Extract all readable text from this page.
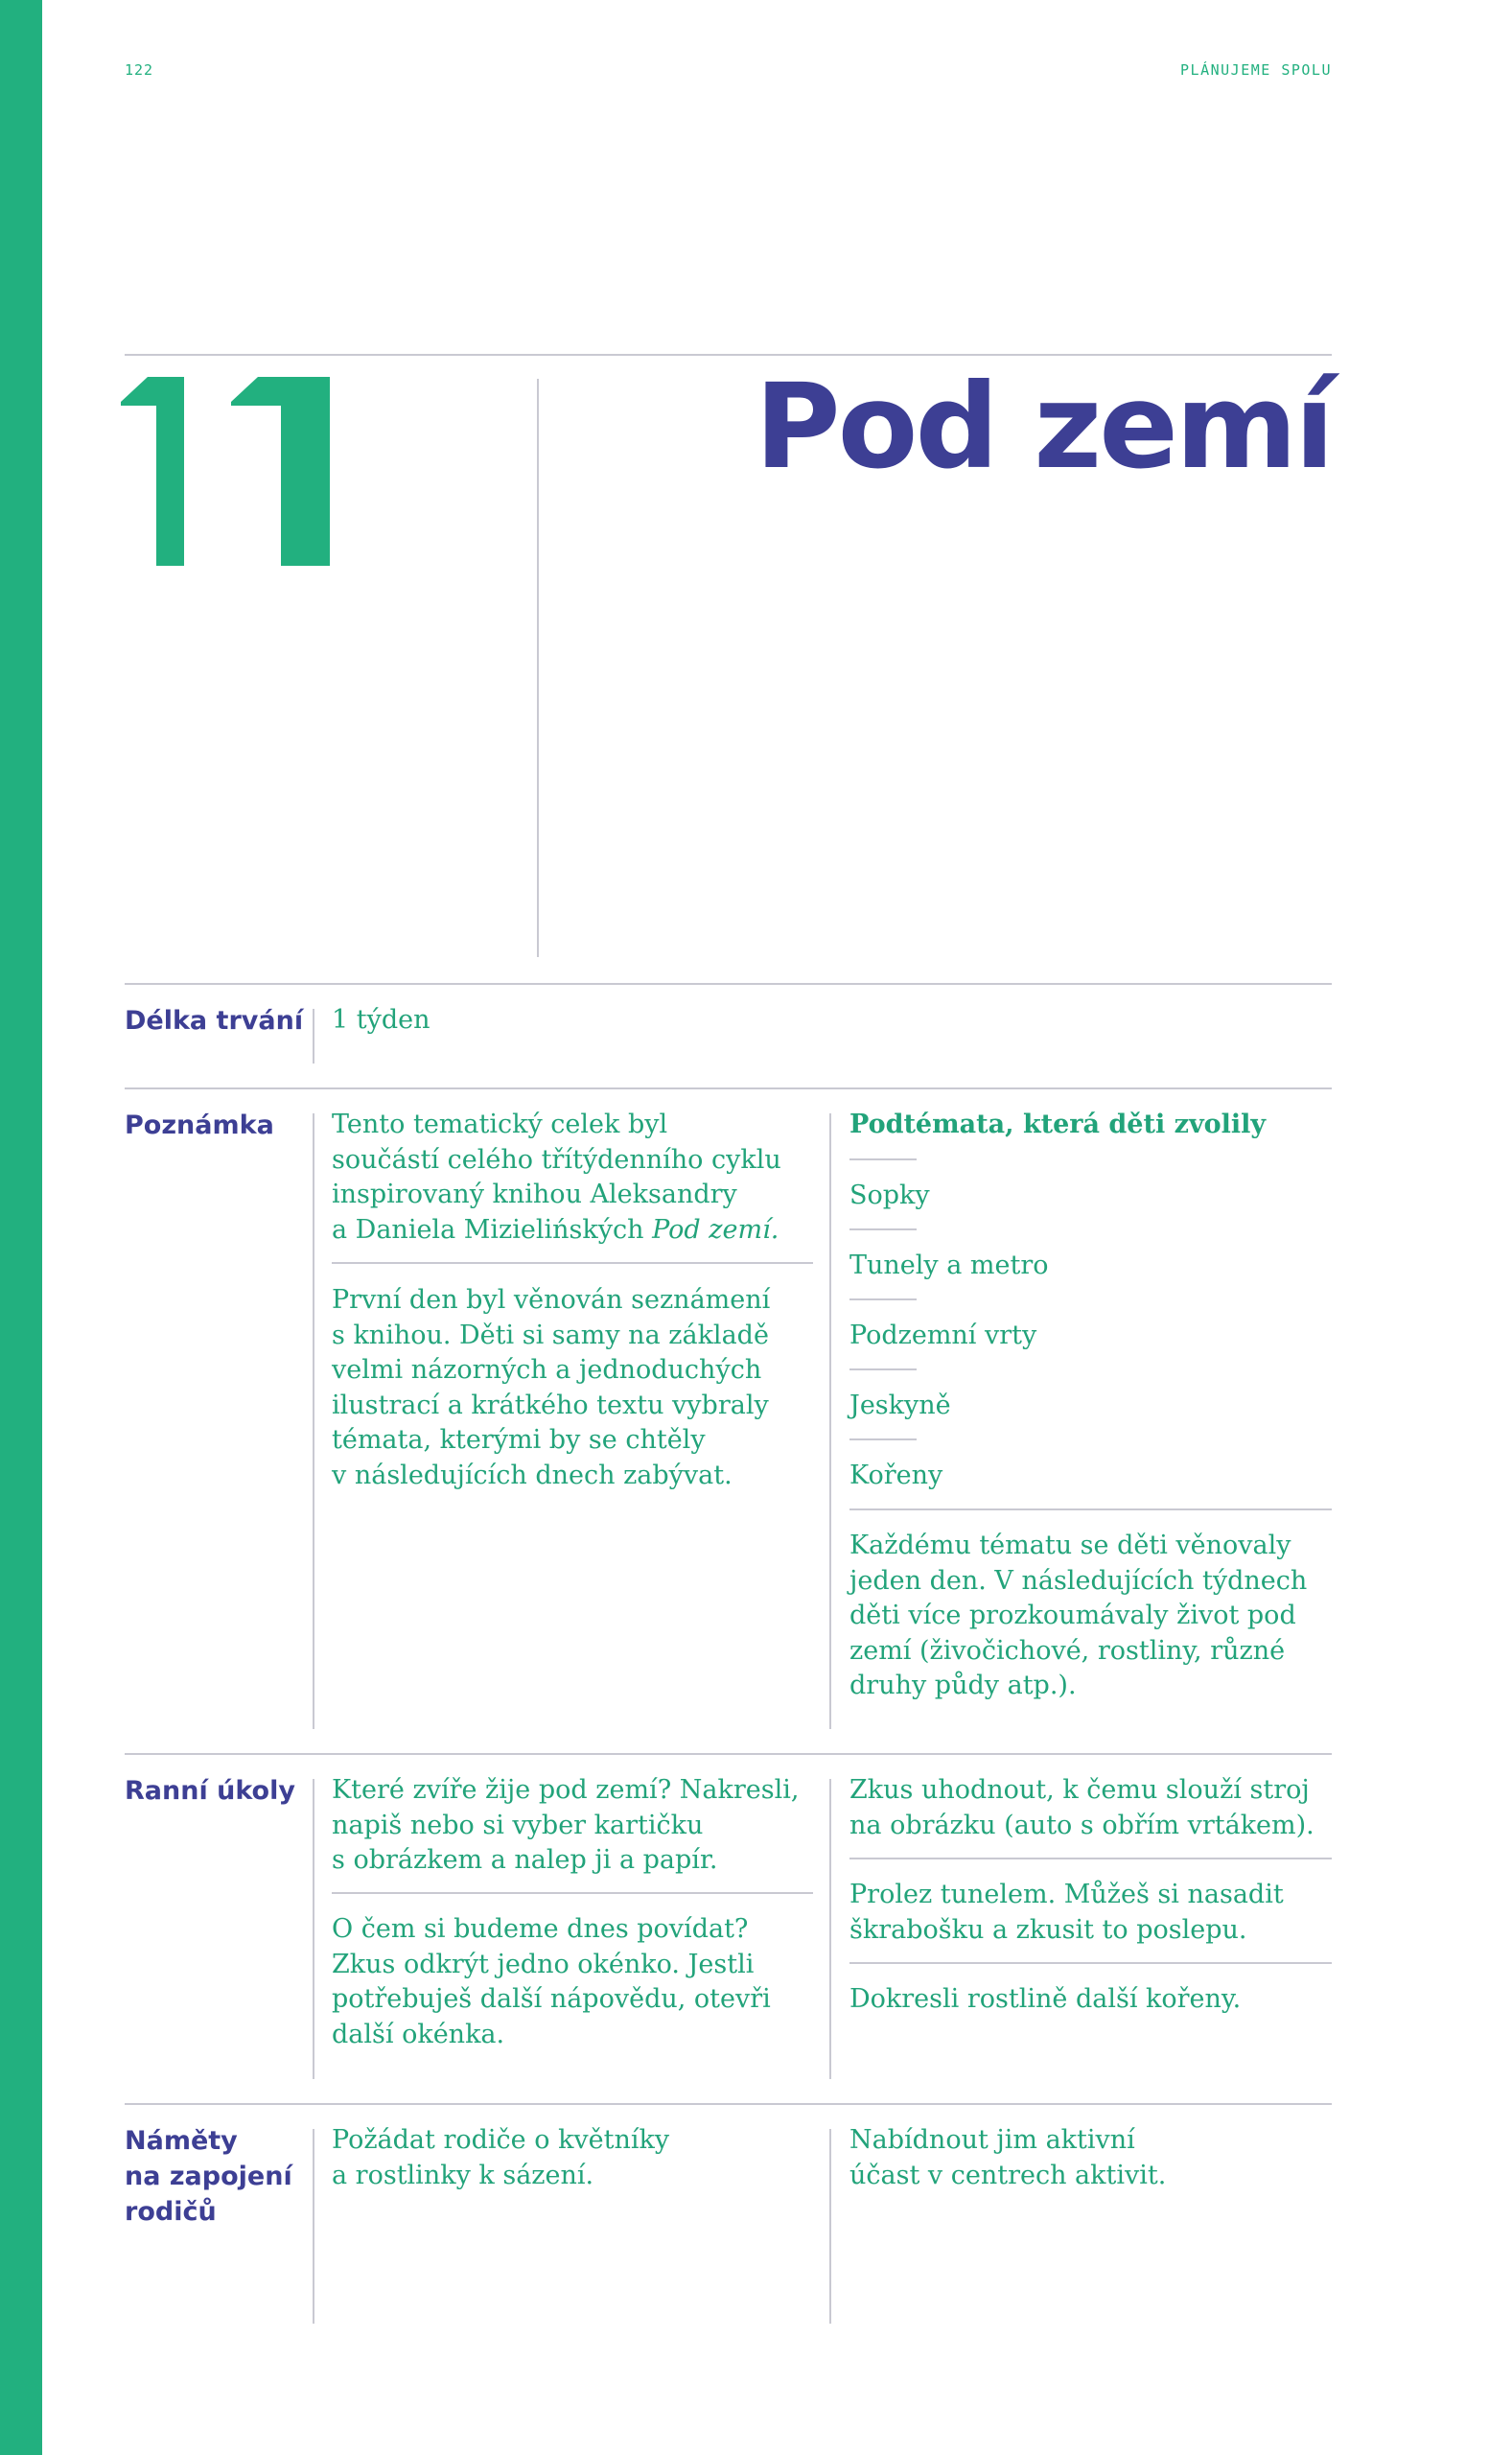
122	PLÁNUJEME SPOLU
Pod zemí
Délka trvání 1 týden
Poznámka Tento tematický celek byl
součástí celého třítýdenního cyklu
inspirovaný knihou Aleksandry
a Daniela Mizielińských Pod zemí.
První den byl věnován seznámení
s knihou. Děti si samy na základě
velmi názorných a jednoduchých
ilustrací a krátkého textu vybraly
témata, kterými by se chtěly
v následujících dnech zabývat.
Podtémata, která děti zvolily
Sopky
Tunely a metro
Podzemní vrty
Jeskyně
Kořeny
Každému tématu se děti věnovaly
jeden den. V následujících týdnech
děti více prozkoumávaly život pod
zemí (živočichové, rostliny, různé
druhy půdy atp.).
Ranní úkoly Které zvíře žije pod zemí? Nakresli,
napiš nebo si vyber kartičku
s obrázkem a nalep ji a papír.
O čem si budeme dnes povídat?
Zkus odkrýt jedno okénko. Jestli
potřebuješ další nápovědu, otevři
další okénka.
Zkus uhodnout, k čemu slouží stroj
na obrázku (auto s obřím vrtákem).
Prolez tunelem. Můžeš si nasadit
škrabošku a zkusit to poslepu.
Dokresli rostlině další kořeny.
Náměty
na zapojení
rodičů
Požádat rodiče o květníky
a rostlinky k sázení.
Nabídnout jim aktivní
účast v centrech aktivit.
